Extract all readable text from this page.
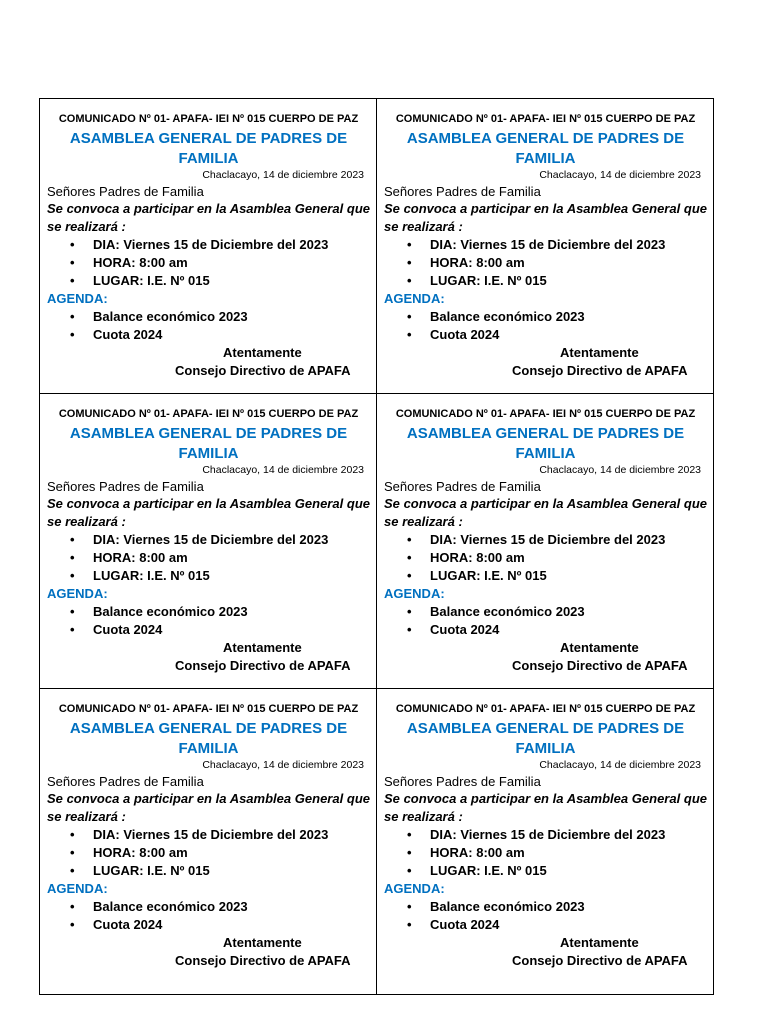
COMUNICADO Nº 01- APAFA- IEI Nº 015 CUERPO DE PAZ

ASAMBLEA GENERAL DE PADRES DE FAMILIA

Chaclacayo, 14 de diciembre 2023

Señores Padres de Familia

Se convoca a participar en la Asamblea General que se realizará :

• DIA: Viernes 15 de Diciembre del 2023
• HORA: 8:00 am
• LUGAR: I.E. Nº 015

AGENDA:

• Balance económico 2023
• Cuota 2024

Atentamente

Consejo Directivo de APAFA

COMUNICADO Nº 01- APAFA- IEI Nº 015 CUERPO DE PAZ

ASAMBLEA GENERAL DE PADRES DE FAMILIA

Chaclacayo, 14 de diciembre 2023

Señores Padres de Familia

Se convoca a participar en la Asamblea General que se realizará :

• DIA: Viernes 15 de Diciembre del 2023
• HORA: 8:00 am
• LUGAR: I.E. Nº 015

AGENDA:

• Balance económico 2023
• Cuota 2024

Atentamente

Consejo Directivo de APAFA

COMUNICADO Nº 01- APAFA- IEI Nº 015 CUERPO DE PAZ

ASAMBLEA GENERAL DE PADRES DE FAMILIA

Chaclacayo, 14 de diciembre 2023

Señores Padres de Familia

Se convoca a participar en la Asamblea General que se realizará :

• DIA: Viernes 15 de Diciembre del 2023
• HORA: 8:00 am
• LUGAR: I.E. Nº 015

AGENDA:

• Balance económico 2023
• Cuota 2024

Atentamente

Consejo Directivo de APAFA

COMUNICADO Nº 01- APAFA- IEI Nº 015 CUERPO DE PAZ

ASAMBLEA GENERAL DE PADRES DE FAMILIA

Chaclacayo, 14 de diciembre 2023

Señores Padres de Familia

Se convoca a participar en la Asamblea General que se realizará :

• DIA: Viernes 15 de Diciembre del 2023
• HORA: 8:00 am
• LUGAR: I.E. Nº 015

AGENDA:

• Balance económico 2023
• Cuota 2024

Atentamente

Consejo Directivo de APAFA

COMUNICADO Nº 01- APAFA- IEI Nº 015 CUERPO DE PAZ

ASAMBLEA GENERAL DE PADRES DE FAMILIA

Chaclacayo, 14 de diciembre 2023

Señores Padres de Familia

Se convoca a participar en la Asamblea General que se realizará :

• DIA: Viernes 15 de Diciembre del 2023
• HORA: 8:00 am
• LUGAR: I.E. Nº 015

AGENDA:

• Balance económico 2023
• Cuota 2024

Atentamente

Consejo Directivo de APAFA

COMUNICADO Nº 01- APAFA- IEI Nº 015 CUERPO DE PAZ

ASAMBLEA GENERAL DE PADRES DE FAMILIA

Chaclacayo, 14 de diciembre 2023

Señores Padres de Familia

Se convoca a participar en la Asamblea General que se realizará :

• DIA: Viernes 15 de Diciembre del 2023
• HORA: 8:00 am
• LUGAR: I.E. Nº 015

AGENDA:

• Balance económico 2023
• Cuota 2024

Atentamente

Consejo Directivo de APAFA
